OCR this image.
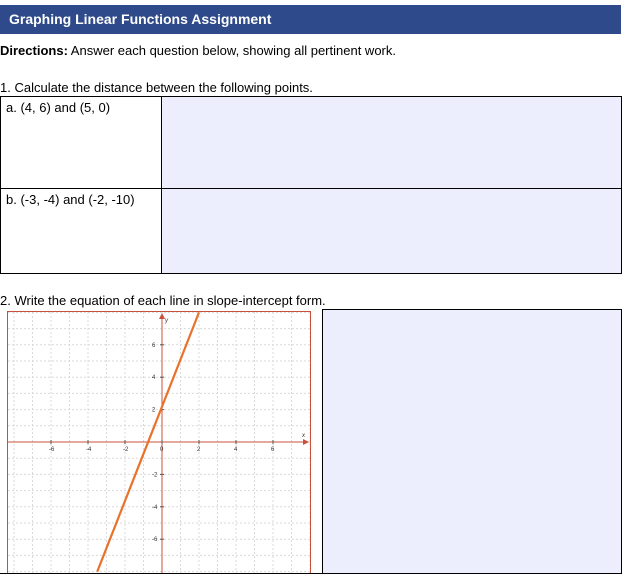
Graphing Linear Functions Assignment
Directions: Answer each question below, showing all pertinent work.
1. Calculate the distance between the following points.
a. (4, 6) and (5, 0)	
b. (-3, -4) and (-2, -10)	
2. Write the equation of each line in slope-intercept form.
x
y
-6	-4	-2	0	2	4	6
6
4
2
-2
-4
-6
